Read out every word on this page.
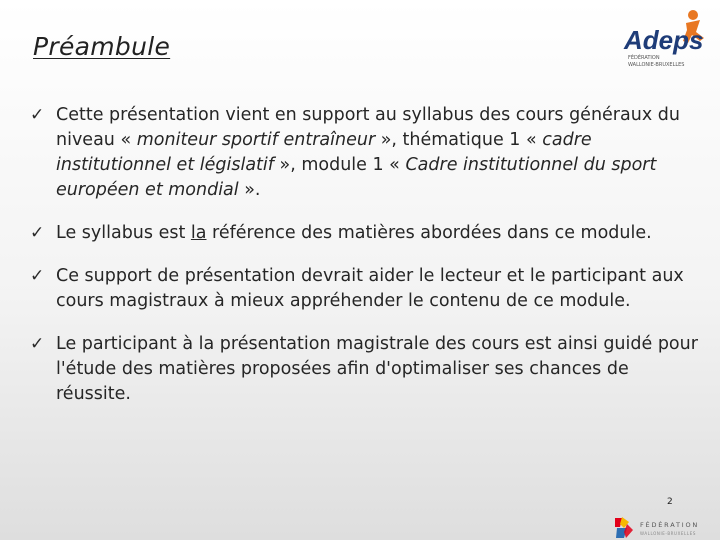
Préambule	Adeps
FÉDÉRATION
WALLONIE-BRUXELLES
✓ Cette présentation vient en support au syllabus des cours généraux du niveau « moniteur sportif entraîneur », thématique 1 « cadre institutionnel et législatif », module 1 « Cadre institutionnel du sport européen et mondial ».
✓ Le syllabus est la référence des matières abordées dans ce module.
✓ Ce support de présentation devrait aider le lecteur et le participant aux cours magistraux à mieux appréhender le contenu de ce module.
✓ Le participant à la présentation magistrale des cours est ainsi guidé pour l'étude des matières proposées afin d'optimaliser ses chances de réussite.
2
FÉDÉRATION
WALLONIE-BRUXELLES
